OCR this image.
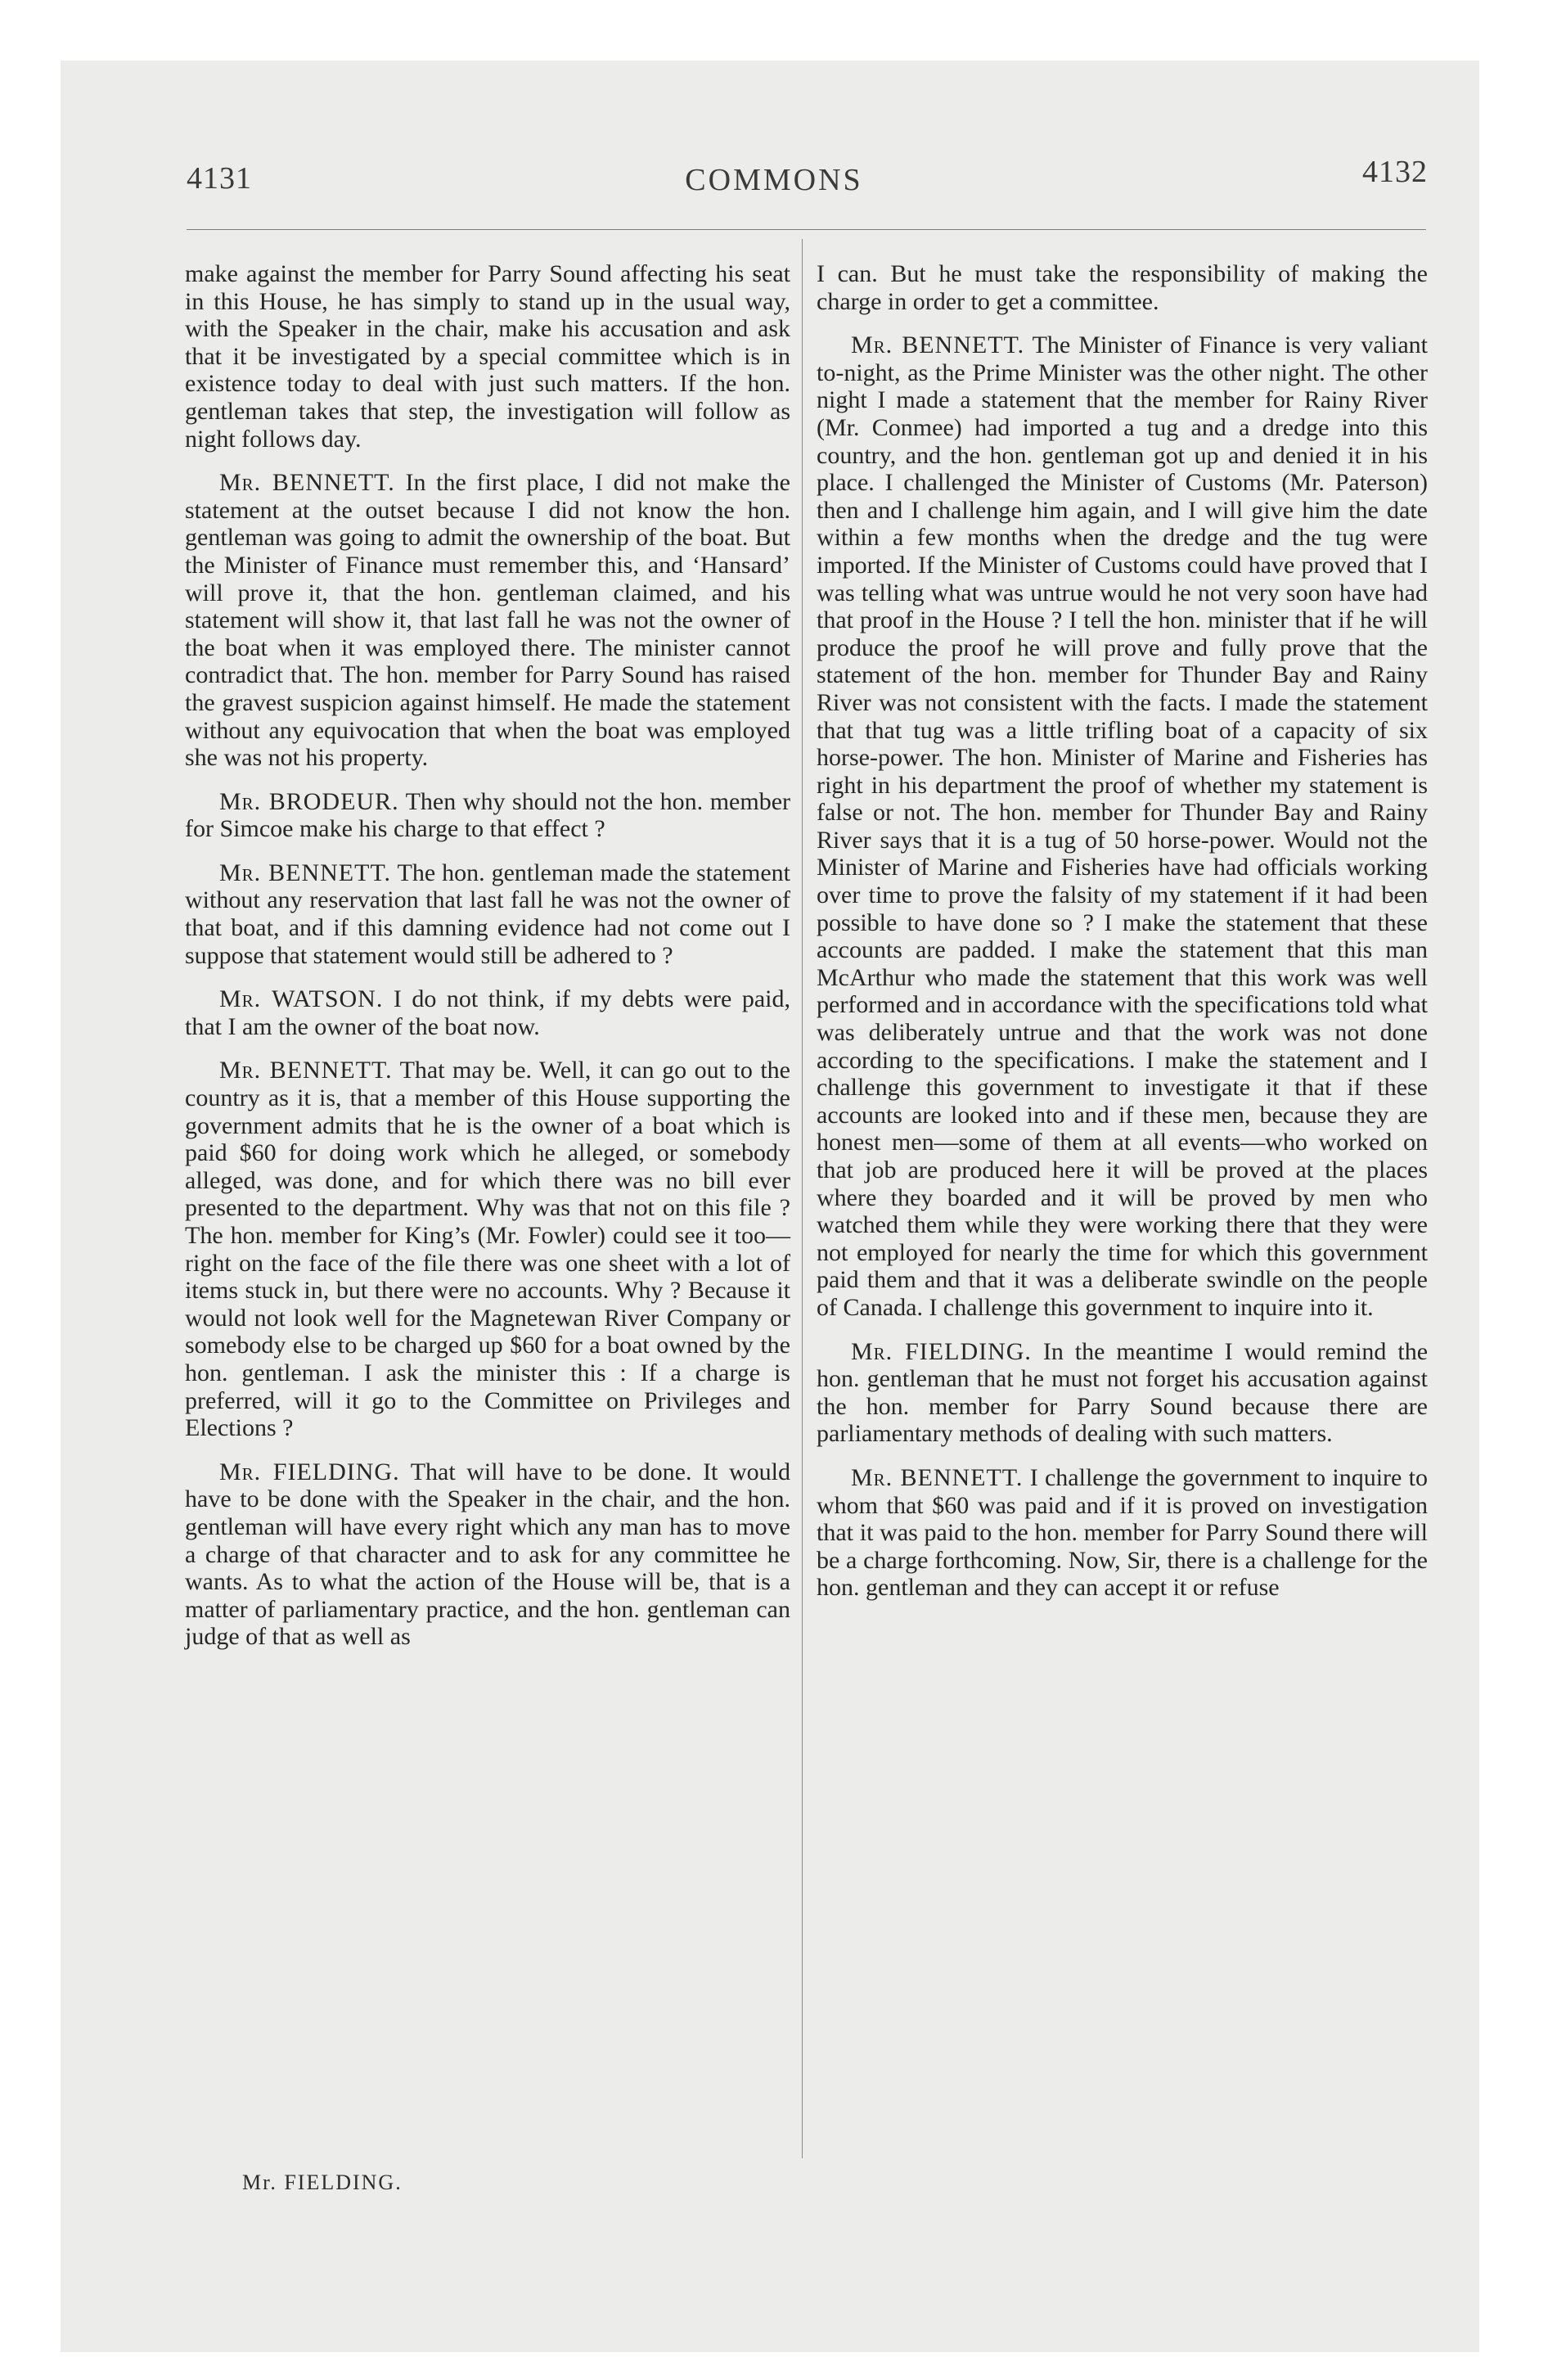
4131	COMMONS	4132

make against the member for Parry Sound affecting his seat in this House, he has simply to stand up in the usual way, with the Speaker in the chair, make his accusation and ask that it be investigated by a special committee which is in existence today to deal with just such matters. If the hon. gentleman takes that step, the investigation will follow as night follows day.

Mr. BENNETT. In the first place, I did not make the statement at the outset because I did not know the hon. gentleman was going to admit the ownership of the boat. But the Minister of Finance must remember this, and ‘Hansard’ will prove it, that the hon. gentleman claimed, and his statement will show it, that last fall he was not the owner of the boat when it was employed there. The minister cannot contradict that. The hon. member for Parry Sound has raised the gravest suspicion against himself. He made the statement without any equivocation that when the boat was employed she was not his property.

Mr. BRODEUR. Then why should not the hon. member for Simcoe make his charge to that effect ?

Mr. BENNETT. The hon. gentleman made the statement without any reservation that last fall he was not the owner of that boat, and if this damning evidence had not come out I suppose that statement would still be adhered to ?

Mr. WATSON. I do not think, if my debts were paid, that I am the owner of the boat now.

Mr. BENNETT. That may be. Well, it can go out to the country as it is, that a member of this House supporting the government admits that he is the owner of a boat which is paid $60 for doing work which he alleged, or somebody alleged, was done, and for which there was no bill ever presented to the department. Why was that not on this file ? The hon. member for King’s (Mr. Fowler) could see it too—right on the face of the file there was one sheet with a lot of items stuck in, but there were no accounts. Why ? Because it would not look well for the Magnetewan River Company or somebody else to be charged up $60 for a boat owned by the hon. gentleman. I ask the minister this : If a charge is preferred, will it go to the Committee on Privileges and Elections ?

Mr. FIELDING. That will have to be done. It would have to be done with the Speaker in the chair, and the hon. gentleman will have every right which any man has to move a charge of that character and to ask for any committee he wants. As to what the action of the House will be, that is a matter of parliamentary practice, and the hon. gentleman can judge of that as well as

I can. But he must take the responsibility of making the charge in order to get a committee.

Mr. BENNETT. The Minister of Finance is very valiant to-night, as the Prime Minister was the other night. The other night I made a statement that the member for Rainy River (Mr. Conmee) had imported a tug and a dredge into this country, and the hon. gentleman got up and denied it in his place. I challenged the Minister of Customs (Mr. Paterson) then and I challenge him again, and I will give him the date within a few months when the dredge and the tug were imported. If the Minister of Customs could have proved that I was telling what was untrue would he not very soon have had that proof in the House ? I tell the hon. minister that if he will produce the proof he will prove and fully prove that the statement of the hon. member for Thunder Bay and Rainy River was not consistent with the facts. I made the statement that that tug was a little trifling boat of a capacity of six horse-power. The hon. Minister of Marine and Fisheries has right in his department the proof of whether my statement is false or not. The hon. member for Thunder Bay and Rainy River says that it is a tug of 50 horse-power. Would not the Minister of Marine and Fisheries have had officials working over time to prove the falsity of my statement if it had been possible to have done so ? I make the statement that these accounts are padded. I make the statement that this man McArthur who made the statement that this work was well performed and in accordance with the specifications told what was deliberately untrue and that the work was not done according to the specifications. I make the statement and I challenge this government to investigate it that if these accounts are looked into and if these men, because they are honest men—some of them at all events—who worked on that job are produced here it will be proved at the places where they boarded and it will be proved by men who watched them while they were working there that they were not employed for nearly the time for which this government paid them and that it was a deliberate swindle on the people of Canada. I challenge this government to inquire into it.

Mr. FIELDING. In the meantime I would remind the hon. gentleman that he must not forget his accusation against the hon. member for Parry Sound because there are parliamentary methods of dealing with such matters.

Mr. BENNETT. I challenge the government to inquire to whom that $60 was paid and if it is proved on investigation that it was paid to the hon. member for Parry Sound there will be a charge forthcoming. Now, Sir, there is a challenge for the hon. gentleman and they can accept it or refuse

Mr. FIELDING.
